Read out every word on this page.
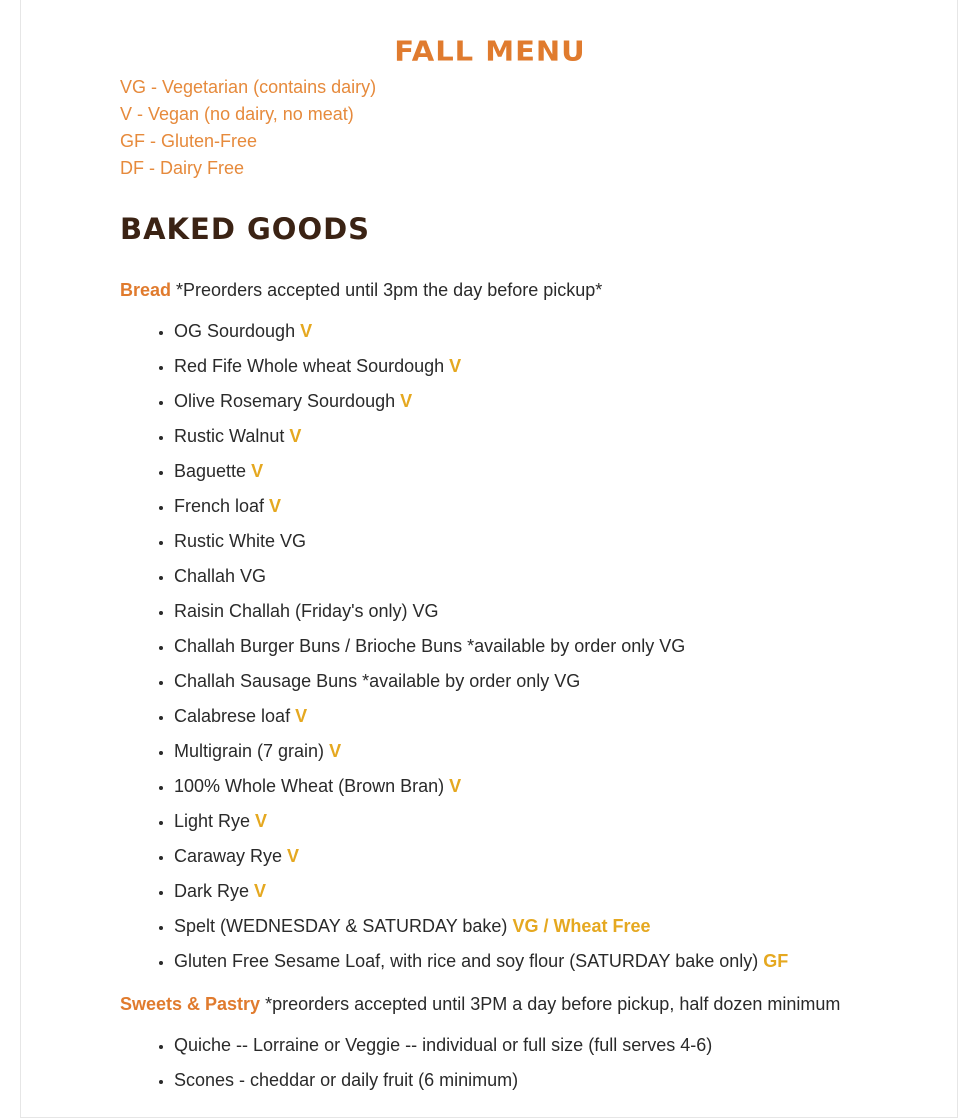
FALL MENU
VG - Vegetarian (contains dairy)
V - Vegan (no dairy, no meat)
GF - Gluten-Free
DF - Dairy Free
BAKED GOODS
Bread *Preorders accepted until 3pm the day before pickup*
• OG Sourdough V
• Red Fife Whole wheat Sourdough V
• Olive Rosemary Sourdough V
• Rustic Walnut V
• Baguette V
• French loaf V
• Rustic White VG
• Challah VG
• Raisin Challah (Friday's only) VG
• Challah Burger Buns / Brioche Buns *available by order only VG
• Challah Sausage Buns *available by order only VG
• Calabrese loaf V
• Multigrain (7 grain) V
• 100% Whole Wheat (Brown Bran) V
• Light Rye V
• Caraway Rye V
• Dark Rye V
• Spelt (WEDNESDAY & SATURDAY bake) VG / Wheat Free
• Gluten Free Sesame Loaf, with rice and soy flour (SATURDAY bake only) GF
Sweets & Pastry *preorders accepted until 3PM a day before pickup, half dozen minimum
• Quiche -- Lorraine or Veggie -- individual or full size (full serves 4-6)
• Scones - cheddar or daily fruit (6 minimum)
